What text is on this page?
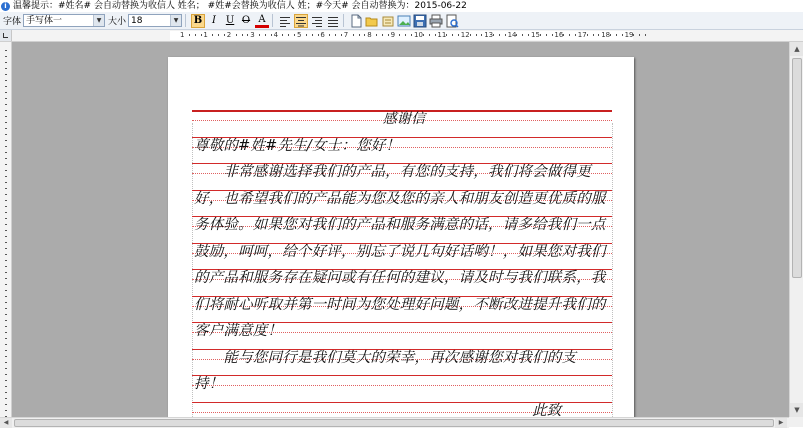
i 温馨提示：#姓名# 会自动替换为收信人 姓名； #姓#会替换为收信人 姓；#今天# 会自动替换为：2015-06-22
字体 手写体一	▼ 大小 18	▼ B I U O A
1	1	2	3	4	5	6	7	8	9	10 11 12 13 14 15 16 17 18 19
感谢信
尊敬的#姓#先生/女士：您好！
　　非常感谢选择我们的产品，有您的支持，我们将会做得更
好，也希望我们的产品能为您及您的亲人和朋友创造更优质的服
务体验。如果您对我们的产品和服务满意的话，请多给我们一点
鼓励，呵呵，给个好评，别忘了说几句好话哟！，如果您对我们
的产品和服务存在疑问或有任何的建议，请及时与我们联系，我
们将耐心听取并第一时间为您处理好问题，不断改进提升我们的
客户满意度！
　　能与您同行是我们莫大的荣幸，再次感谢您对我们的支
持！
　　　　　　　　　　　　　　　　　　　　　　　此致
▲
▼
◀	▶
